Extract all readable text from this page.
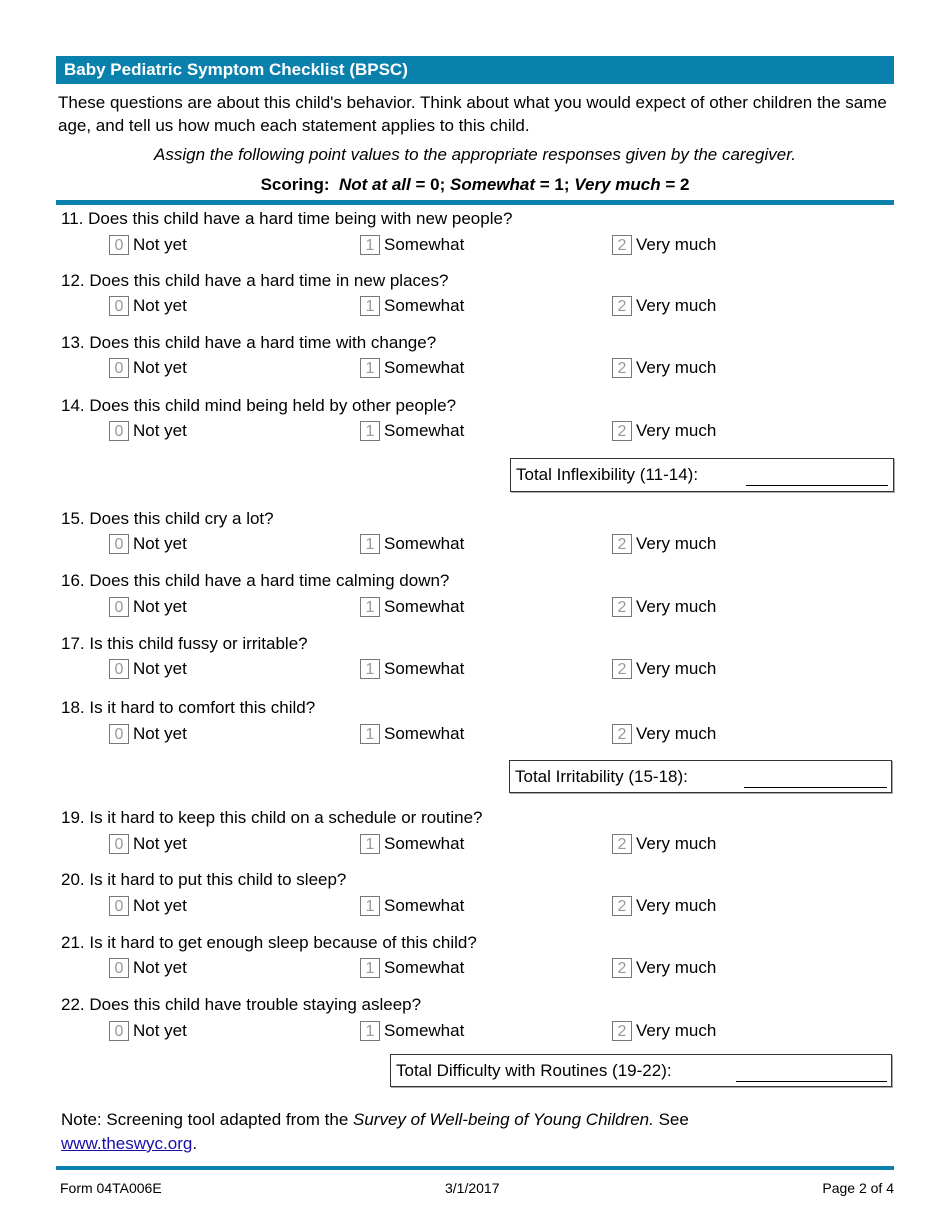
Baby Pediatric Symptom Checklist (BPSC)

These questions are about this child's behavior. Think about what you would expect of other children the same age, and tell us how much each statement applies to this child.

Assign the following point values to the appropriate responses given by the caregiver.
Scoring: Not at all = 0; Somewhat = 1; Very much = 2
11. Does this child have a hard time being with new people?
0 Not yet	1 Somewhat	2 Very much
12. Does this child have a hard time in new places?
0 Not yet	1 Somewhat	2 Very much
13. Does this child have a hard time with change?
0 Not yet	1 Somewhat	2 Very much
14. Does this child mind being held by other people?
0 Not yet	1 Somewhat	2 Very much
Total Inflexibility (11-14):
15. Does this child cry a lot?
0 Not yet	1 Somewhat	2 Very much
16. Does this child have a hard time calming down?
0 Not yet	1 Somewhat	2 Very much
17. Is this child fussy or irritable?
0 Not yet	1 Somewhat	2 Very much
18. Is it hard to comfort this child?
0 Not yet	1 Somewhat	2 Very much
Total Irritability (15-18):
19. Is it hard to keep this child on a schedule or routine?
0 Not yet	1 Somewhat	2 Very much
20. Is it hard to put this child to sleep?
0 Not yet	1 Somewhat	2 Very much
21. Is it hard to get enough sleep because of this child?
0 Not yet	1 Somewhat	2 Very much
22. Does this child have trouble staying asleep?
0 Not yet	1 Somewhat	2 Very much
Total Difficulty with Routines (19-22):
Note: Screening tool adapted from the Survey of Well-being of Young Children. See
www.theswyc.org.
Form 04TA006E	3/1/2017	Page 2 of 4
